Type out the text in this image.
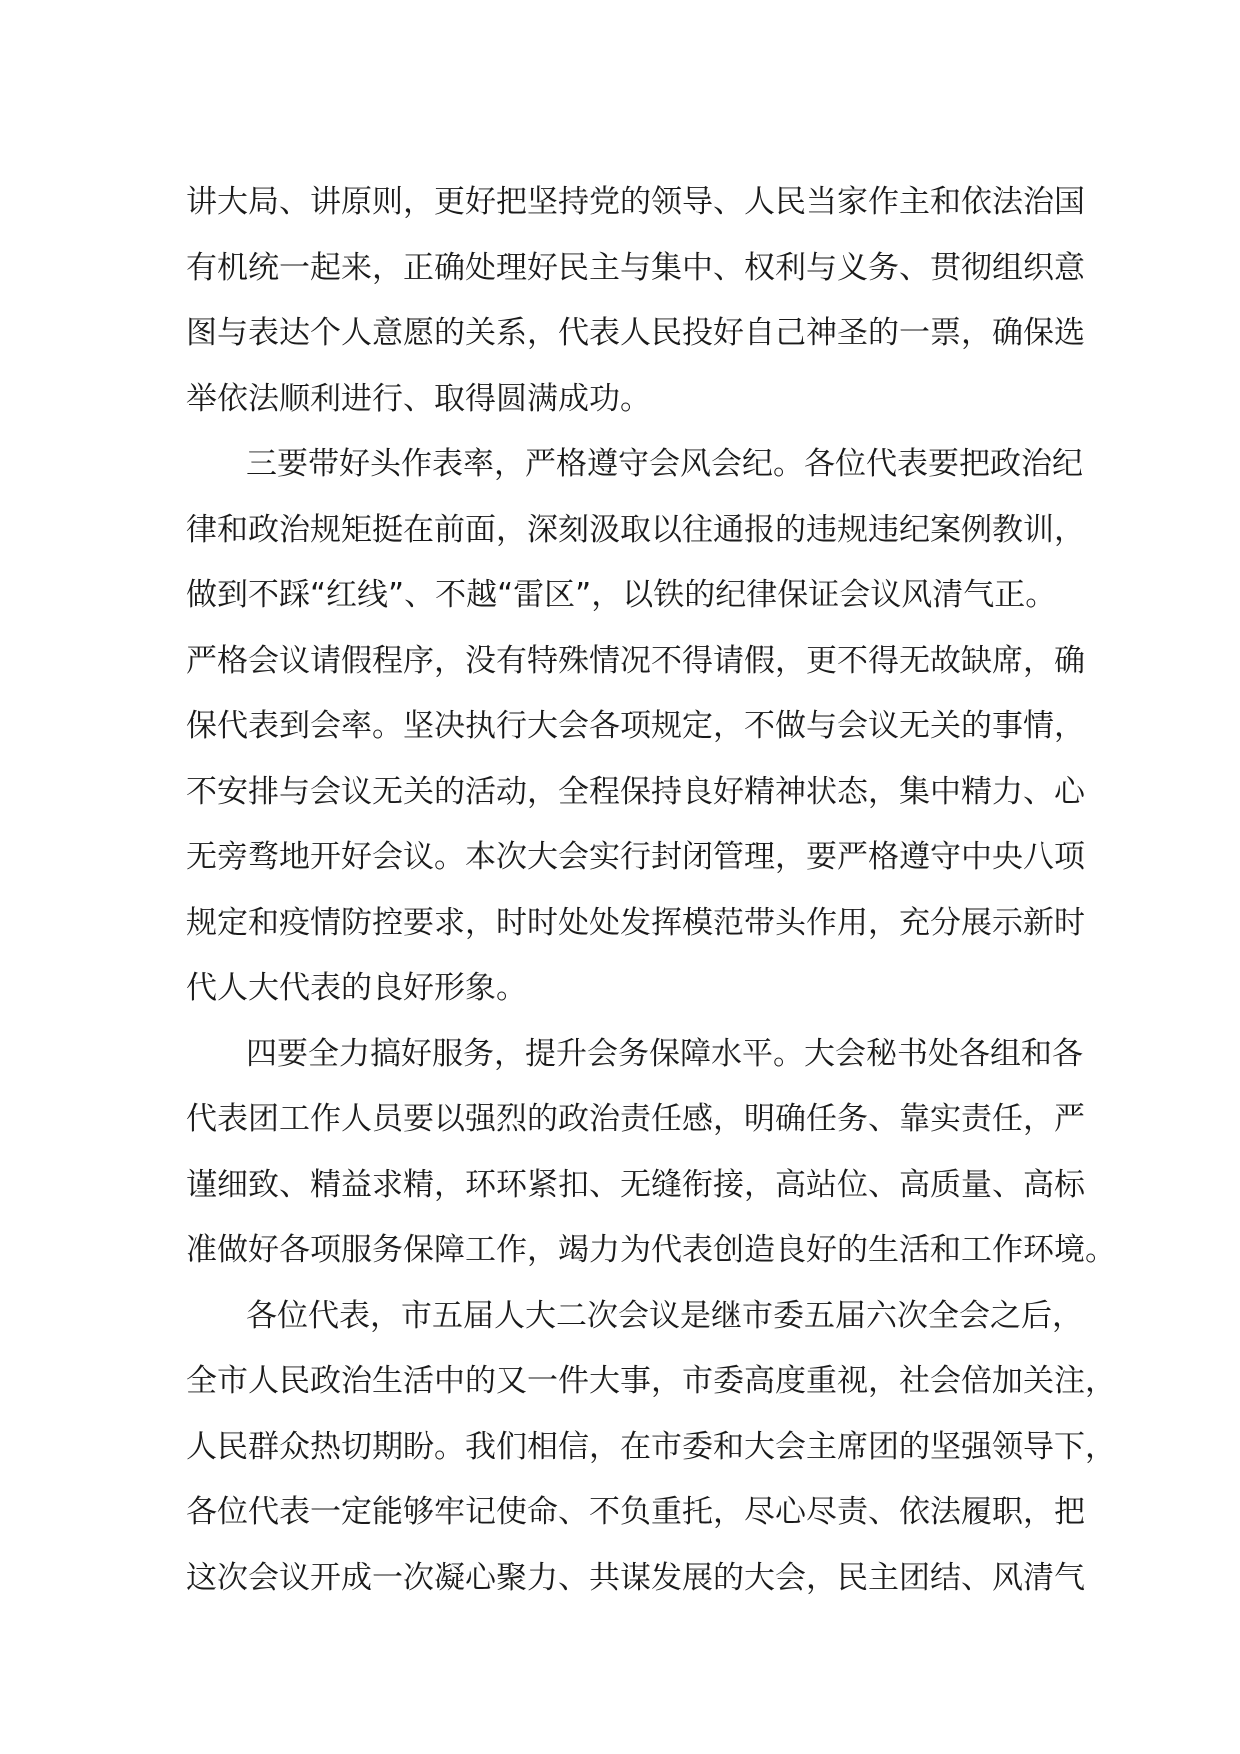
讲大局、讲原则，更好把坚持党的领导、人民当家作主和依法治国
有机统一起来，正确处理好民主与集中、权利与义务、贯彻组织意
图与表达个人意愿的关系，代表人民投好自己神圣的一票，确保选
举依法顺利进行、取得圆满成功。
三要带好头作表率，严格遵守会风会纪。各位代表要把政治纪
律和政治规矩挺在前面，深刻汲取以往通报的违规违纪案例教训，
做到不踩“红线”、不越“雷区”，以铁的纪律保证会议风清气正。
严格会议请假程序，没有特殊情况不得请假，更不得无故缺席，确
保代表到会率。坚决执行大会各项规定，不做与会议无关的事情，
不安排与会议无关的活动，全程保持良好精神状态，集中精力、心
无旁骛地开好会议。本次大会实行封闭管理，要严格遵守中央八项
规定和疫情防控要求，时时处处发挥模范带头作用，充分展示新时
代人大代表的良好形象。
四要全力搞好服务，提升会务保障水平。大会秘书处各组和各
代表团工作人员要以强烈的政治责任感，明确任务、靠实责任，严
谨细致、精益求精，环环紧扣、无缝衔接，高站位、高质量、高标
准做好各项服务保障工作，竭力为代表创造良好的生活和工作环境。
各位代表，市五届人大二次会议是继市委五届六次全会之后，
全市人民政治生活中的又一件大事，市委高度重视，社会倍加关注，
人民群众热切期盼。我们相信，在市委和大会主席团的坚强领导下，
各位代表一定能够牢记使命、不负重托，尽心尽责、依法履职，把
这次会议开成一次凝心聚力、共谋发展的大会，民主团结、风清气
